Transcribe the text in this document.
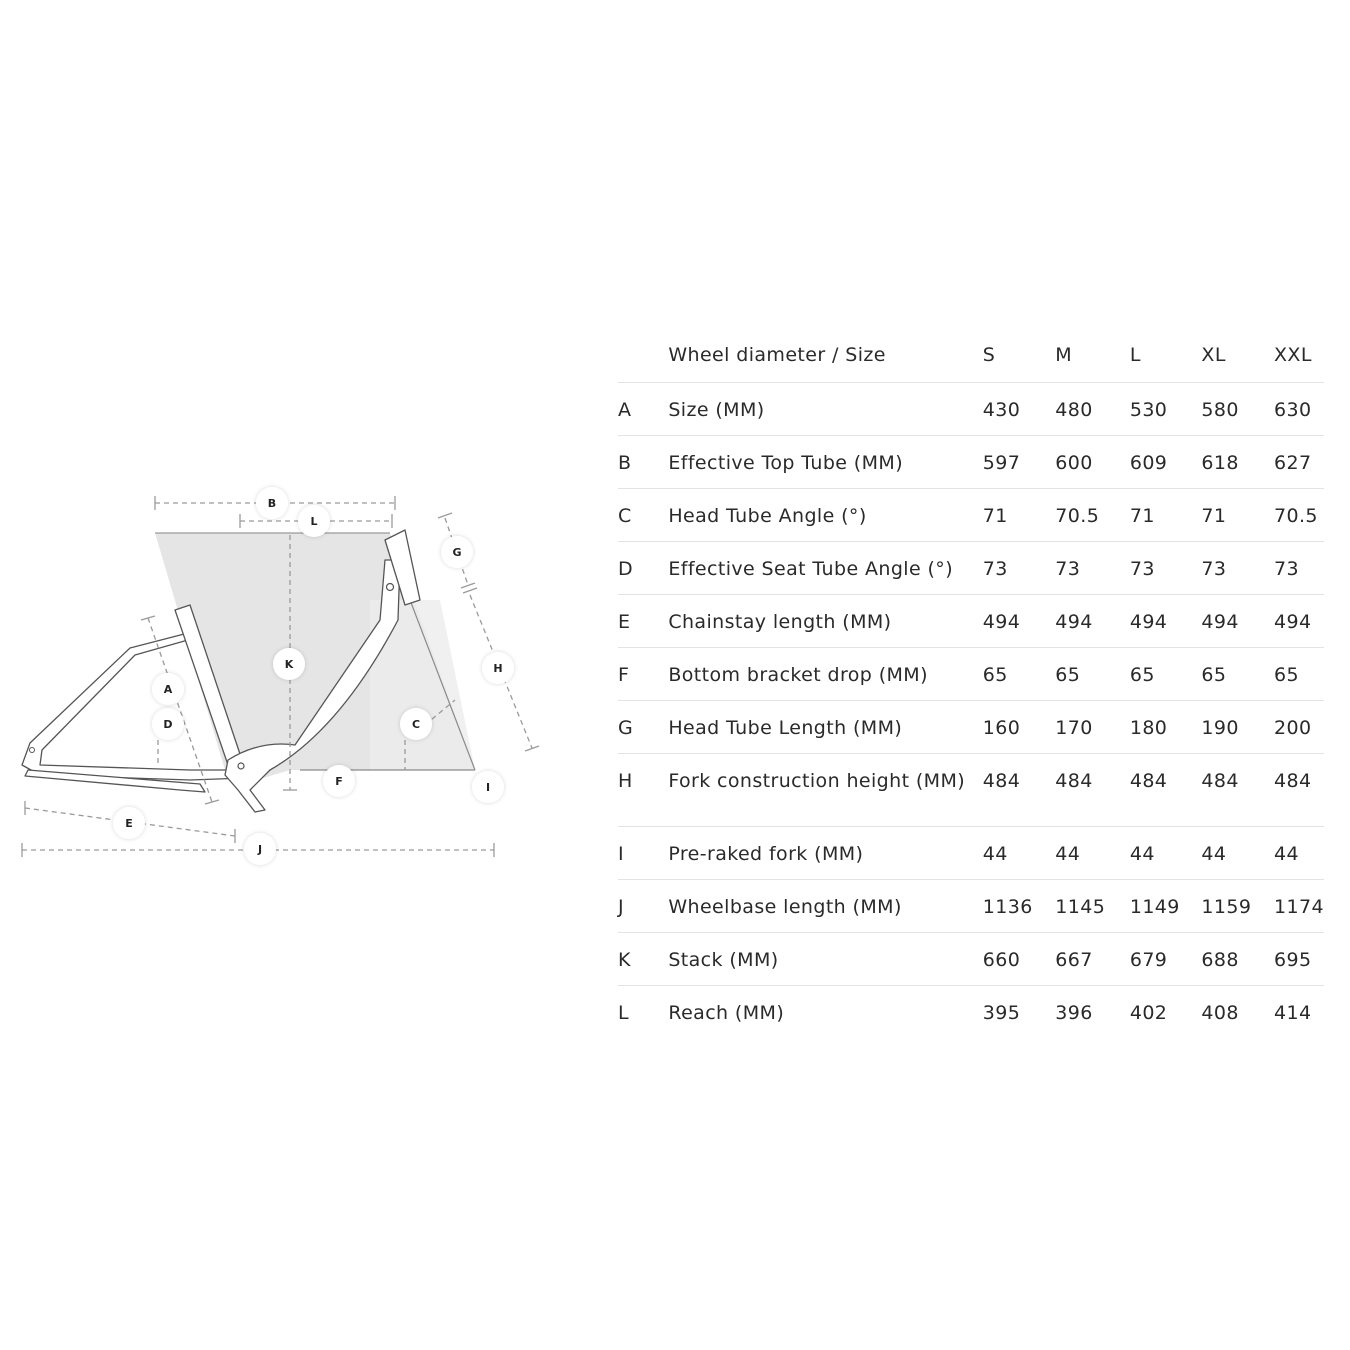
B
L
G
H
K
A
D	C
F	I
E
J
	Wheel diameter / Size	S	M	L	XL	XXL
A	Size (MM)	430	480	530	580	630
B	Effective Top Tube (MM)	597	600	609	618	627
C	Head Tube Angle (°)	71	70.5	71	71	70.5
D	Effective Seat Tube Angle (°)	73	73	73	73	73
E	Chainstay length (MM)	494	494	494	494	494
F	Bottom bracket drop (MM)	65	65	65	65	65
G	Head Tube Length (MM)	160	170	180	190	200
H	Fork construction height (MM)	484	484	484	484	484
I	Pre-raked fork (MM)	44	44	44	44	44
J	Wheelbase length (MM)	1136	1145	1149	1159	1174
K	Stack (MM)	660	667	679	688	695
L	Reach (MM)	395	396	402	408	414
